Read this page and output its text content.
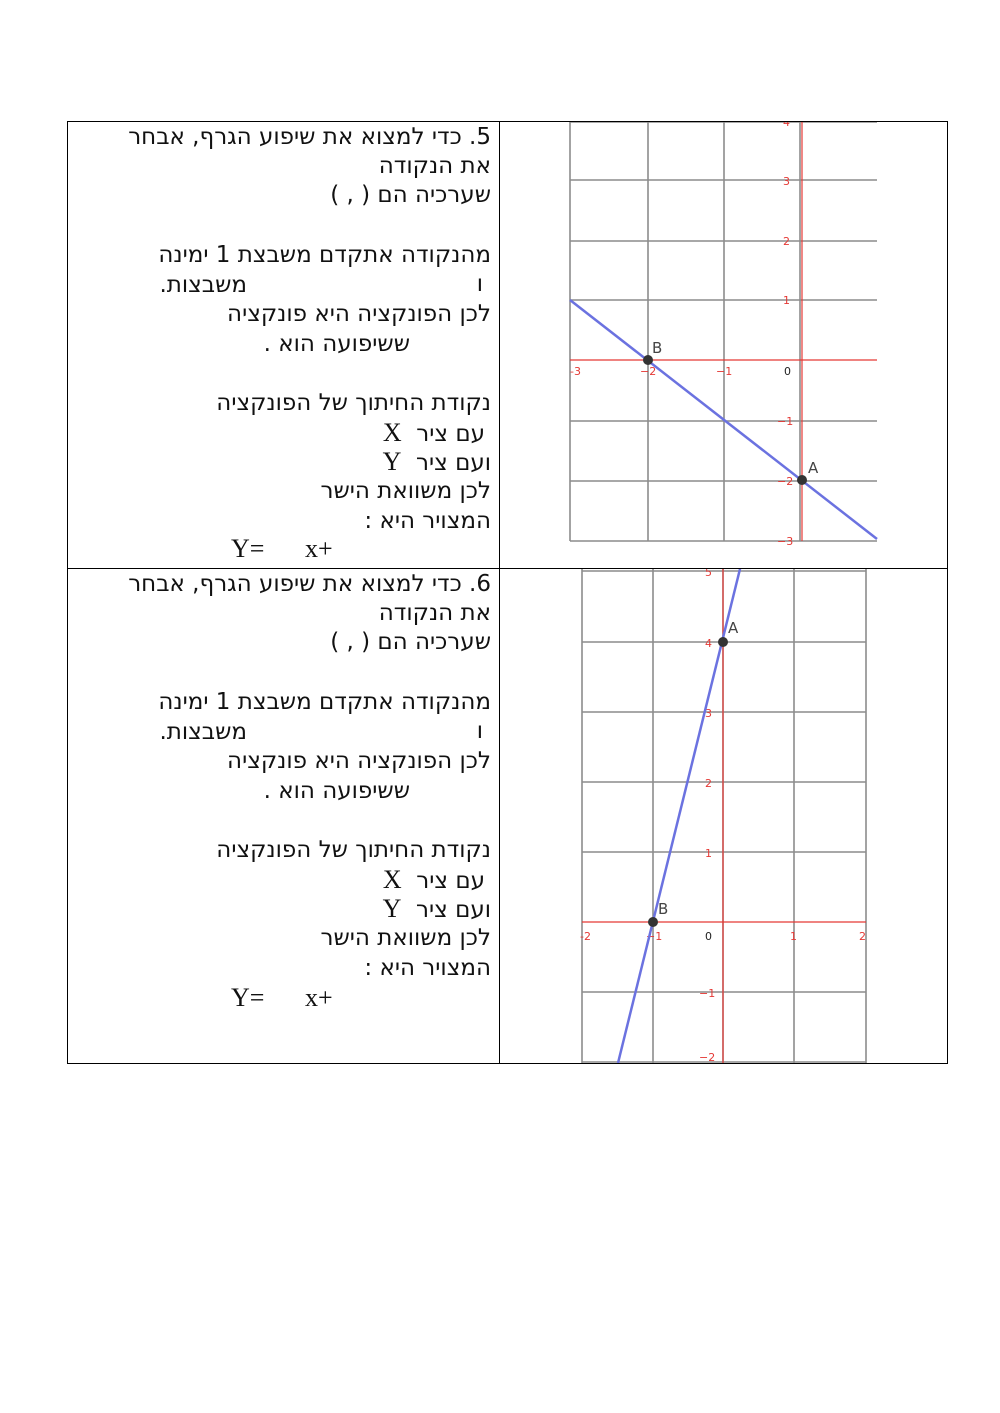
5. כדי למצוא את שיפוע הגרף, אבחר
את הנקודה
שערכיה הם ( , )
מהנקודה אתקדם משבצת 1 ימינה
ו
משבצות.
לכן הפונקציה היא פונקציה
ששיפועה הוא .
נקודת החיתוך של הפונקציה
עם ציר  X
ועם ציר  Y
לכן משוואת הישר
המצויר היא :
Y= x+
-3	−2	−1	0
4
3
2
1
−1
−2
−3
B
A
6. כדי למצוא את שיפוע הגרף, אבחר
את הנקודה
שערכיה הם ( , )
מהנקודה אתקדם משבצת 1 ימינה
ו
משבצות.
לכן הפונקציה היא פונקציה
ששיפועה הוא .
נקודת החיתוך של הפונקציה
עם ציר  X
ועם ציר  Y
לכן משוואת הישר
המצויר היא :
Y= x+
-2	−1	0	1	2
5
4
3
2
1
−1
−2
A
B
